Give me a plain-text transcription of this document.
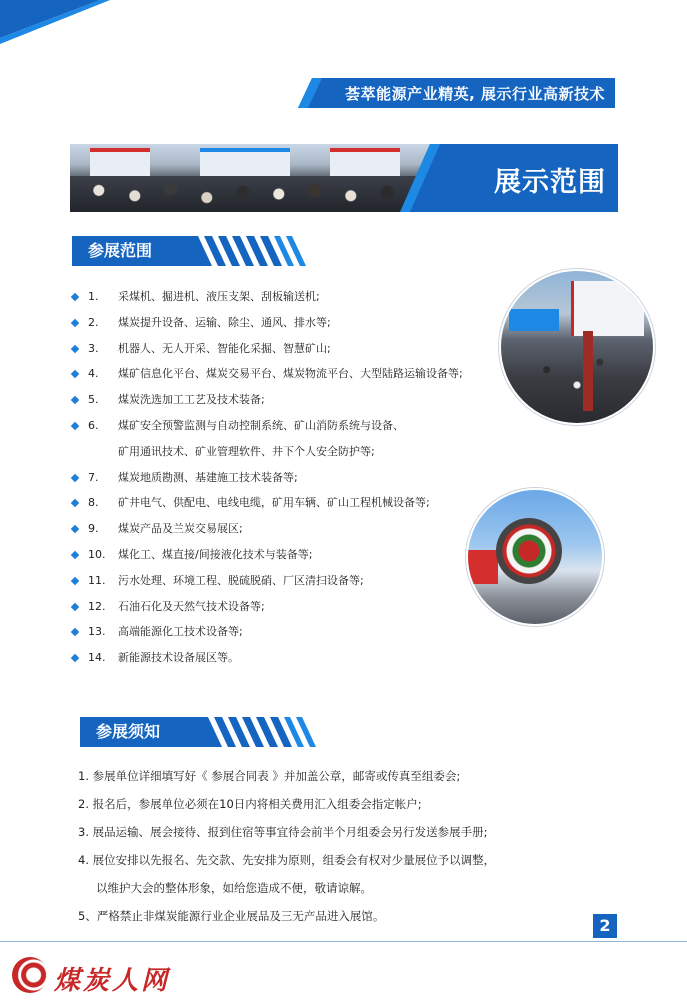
荟萃能源产业精英, 展示行业高新技术
展示范围
参展范围
1. 采煤机、掘进机、液压支架、刮板输送机;
2. 煤炭提升设备、运输、除尘、通风、排水等;
3. 机器人、无人开采、智能化采掘、智慧矿山;
4. 煤矿信息化平台、煤炭交易平台、煤炭物流平台、大型陆路运输设备等;
5. 煤炭洗选加工工艺及技术装备;
6. 煤矿安全预警监测与自动控制系统、矿山消防系统与设备、
矿用通讯技术、矿业管理软件、井下个人安全防护等;
7. 煤炭地质勘测、基建施工技术装备等;
8. 矿井电气、供配电、电线电缆，矿用车辆、矿山工程机械设备等;
9. 煤炭产品及兰炭交易展区;
10. 煤化工、煤直接/间接液化技术与装备等;
11. 污水处理、环境工程、脱硫脱硝、厂区清扫设备等;
12. 石油石化及天然气技术设备等;
13. 高端能源化工技术设备等;
14. 新能源技术设备展区等。
参展须知
1. 参展单位详细填写好《 参展合同表 》并加盖公章，邮寄或传真至组委会;
2. 报名后，参展单位必须在10日内将相关费用汇入组委会指定帐户;
3. 展品运输、展会接待、报到住宿等事宜待会前半个月组委会另行发送参展手册;
4. 展位安排以先报名、先交款、先安排为原则，组委会有权对少量展位予以调整，
以维护大会的整体形象，如给您造成不便，敬请谅解。
5、严格禁止非煤炭能源行业企业展品及三无产品进入展馆。	2
煤炭人网
